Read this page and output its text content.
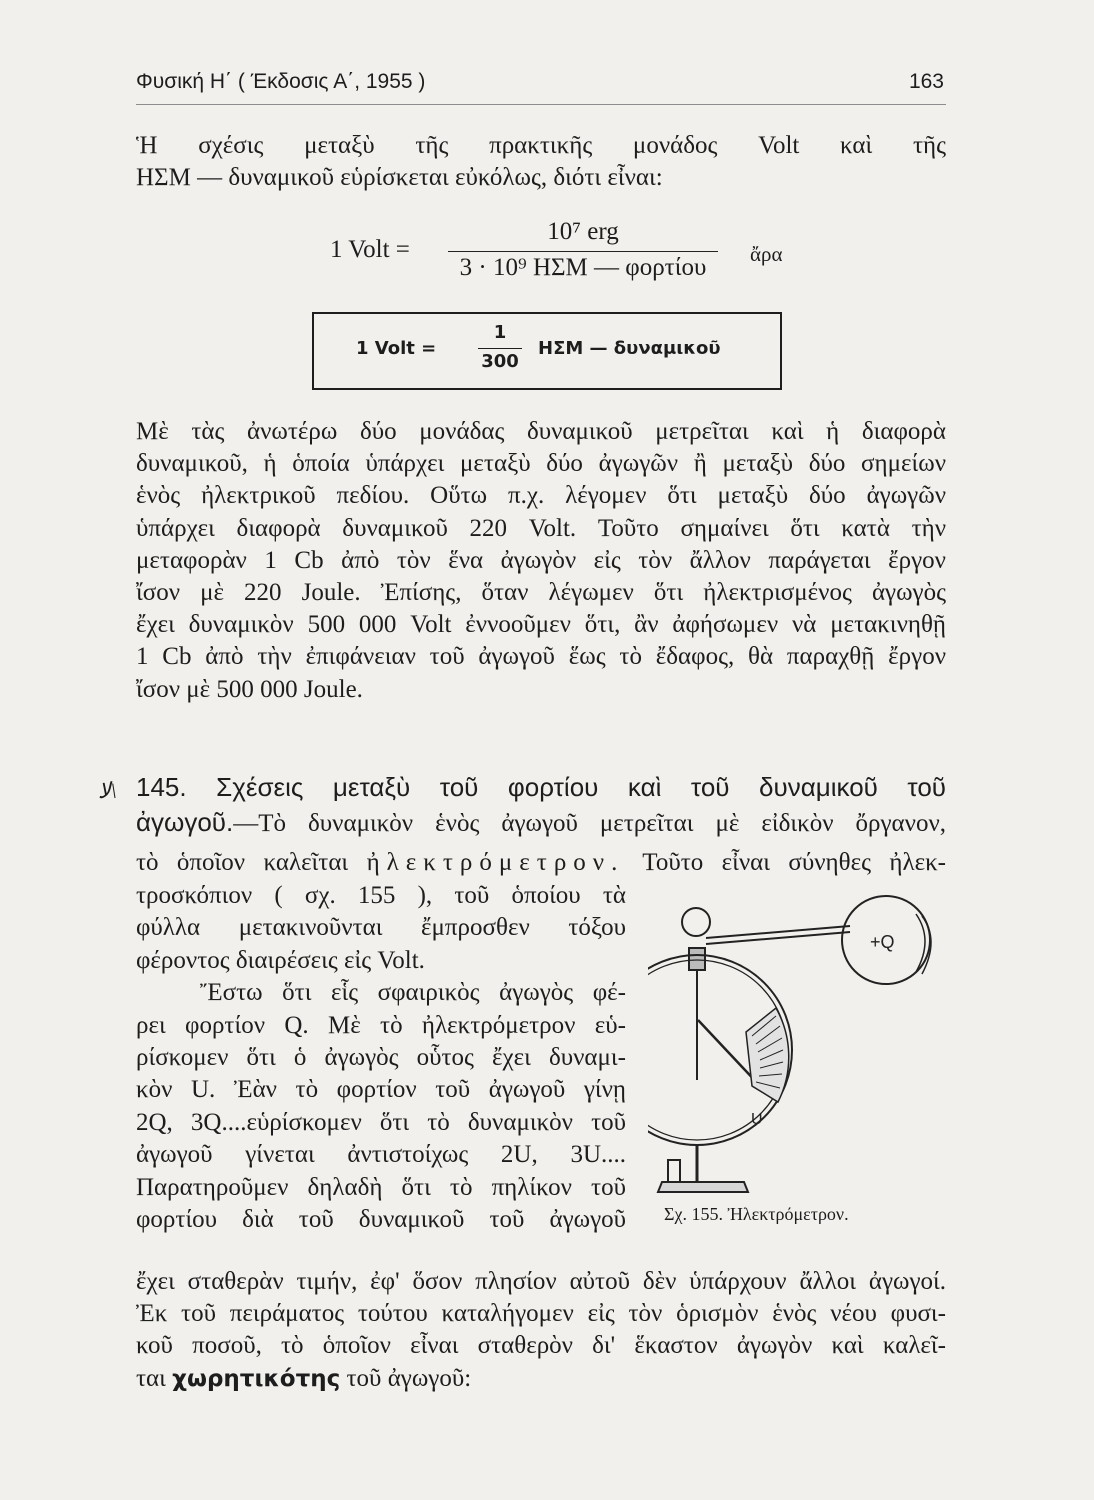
Φυσική Η΄ ( Έκδοσις Α΄, 1955 )	163
Ἡ σχέσις μεταξὺ τῆς πρακτικῆς μονάδος Volt καὶ τῆς
ΗΣΜ — δυναμικοῦ εὑρίσκεται εὐκόλως, διότι εἶναι:
1 Volt =
10⁷ erg
3 · 10⁹ ΗΣΜ — φορτίου	ἄρα
1 Volt =
1
300
ΗΣΜ — δυναμικοῦ
Μὲ τὰς ἀνωτέρω δύο μονάδας δυναμικοῦ μετρεῖται καὶ ἡ διαφορὰ
δυναμικοῦ, ἡ ὁποία ὑπάρχει μεταξὺ δύο ἀγωγῶν ἢ μεταξὺ δύο σημείων
ἑνὸς ἠλεκτρικοῦ πεδίου. Οὕτω π.χ. λέγομεν ὅτι μεταξὺ δύο ἀγωγῶν
ὑπάρχει διαφορὰ δυναμικοῦ 220 Volt. Τοῦτο σημαίνει ὅτι κατὰ τὴν
μεταφορὰν 1 Cb ἀπὸ τὸν ἕνα ἀγωγὸν εἰς τὸν ἄλλον παράγεται ἔργον
ἴσον μὲ 220 Joule. Ἐπίσης, ὅταν λέγωμεν ὅτι ἠλεκτρισμένος ἀγωγὸς
ἔχει δυναμικὸν 500 000 Volt ἐννοοῦμεν ὅτι, ἂν ἀφήσωμεν νὰ μετακινηθῇ
1 Cb ἀπὸ τὴν ἐπιφάνειαν τοῦ ἀγωγοῦ ἕως τὸ ἔδαφος, θὰ παραχθῇ ἔργον
ἴσον μὲ 500 000 Joule.
ﻻ\ 145. Σχέσεις μεταξὺ τοῦ φορτίου καὶ τοῦ δυναμικοῦ τοῦ
ἀγωγοῦ.—Τὸ δυναμικὸν ἑνὸς ἀγωγοῦ μετρεῖται μὲ εἰδικὸν ὄργανον,
τὸ ὁποῖον καλεῖται ἠλεκτρόμετρον. Τοῦτο εἶναι σύνηθες ἠλεκ-
τροσκόπιον ( σχ. 155 ), τοῦ ὁποίου τὰ
φύλλα μετακινοῦνται ἔμπροσθεν τόξου
φέροντος διαιρέσεις εἰς Volt.
Ἔστω ὅτι εἷς σφαιρικὸς ἀγωγὸς φέ-
ρει φορτίον Q. Μὲ τὸ ἠλεκτρόμετρον εὑ-
ρίσκομεν ὅτι ὁ ἀγωγὸς οὗτος ἔχει δυναμι-
κὸν U. Ἐὰν τὸ φορτίον τοῦ ἀγωγοῦ γίνῃ
2Q, 3Q....εὑρίσκομεν ὅτι τὸ δυναμικὸν τοῦ
ἀγωγοῦ γίνεται ἀντιστοίχως 2U, 3U....
Παρατηροῦμεν δηλαδὴ ὅτι τὸ πηλίκον τοῦ
φορτίου διὰ τοῦ δυναμικοῦ τοῦ ἀγωγοῦ
ἔχει σταθερὰν τιμήν, ἐφ' ὅσον πλησίον αὐτοῦ δὲν ὑπάρχουν ἄλλοι ἀγωγοί.
Ἐκ τοῦ πειράματος τούτου καταλήγομεν εἰς τὸν ὁρισμὸν ἑνὸς νέου φυσι-
κοῦ ποσοῦ, τὸ ὁποῖον εἶναι σταθερὸν δι' ἕκαστον ἀγωγὸν καὶ καλεῖ-
ται χωρητικότης τοῦ ἀγωγοῦ:
+Q
U
Σχ. 155. Ἠλεκτρόμετρον.
